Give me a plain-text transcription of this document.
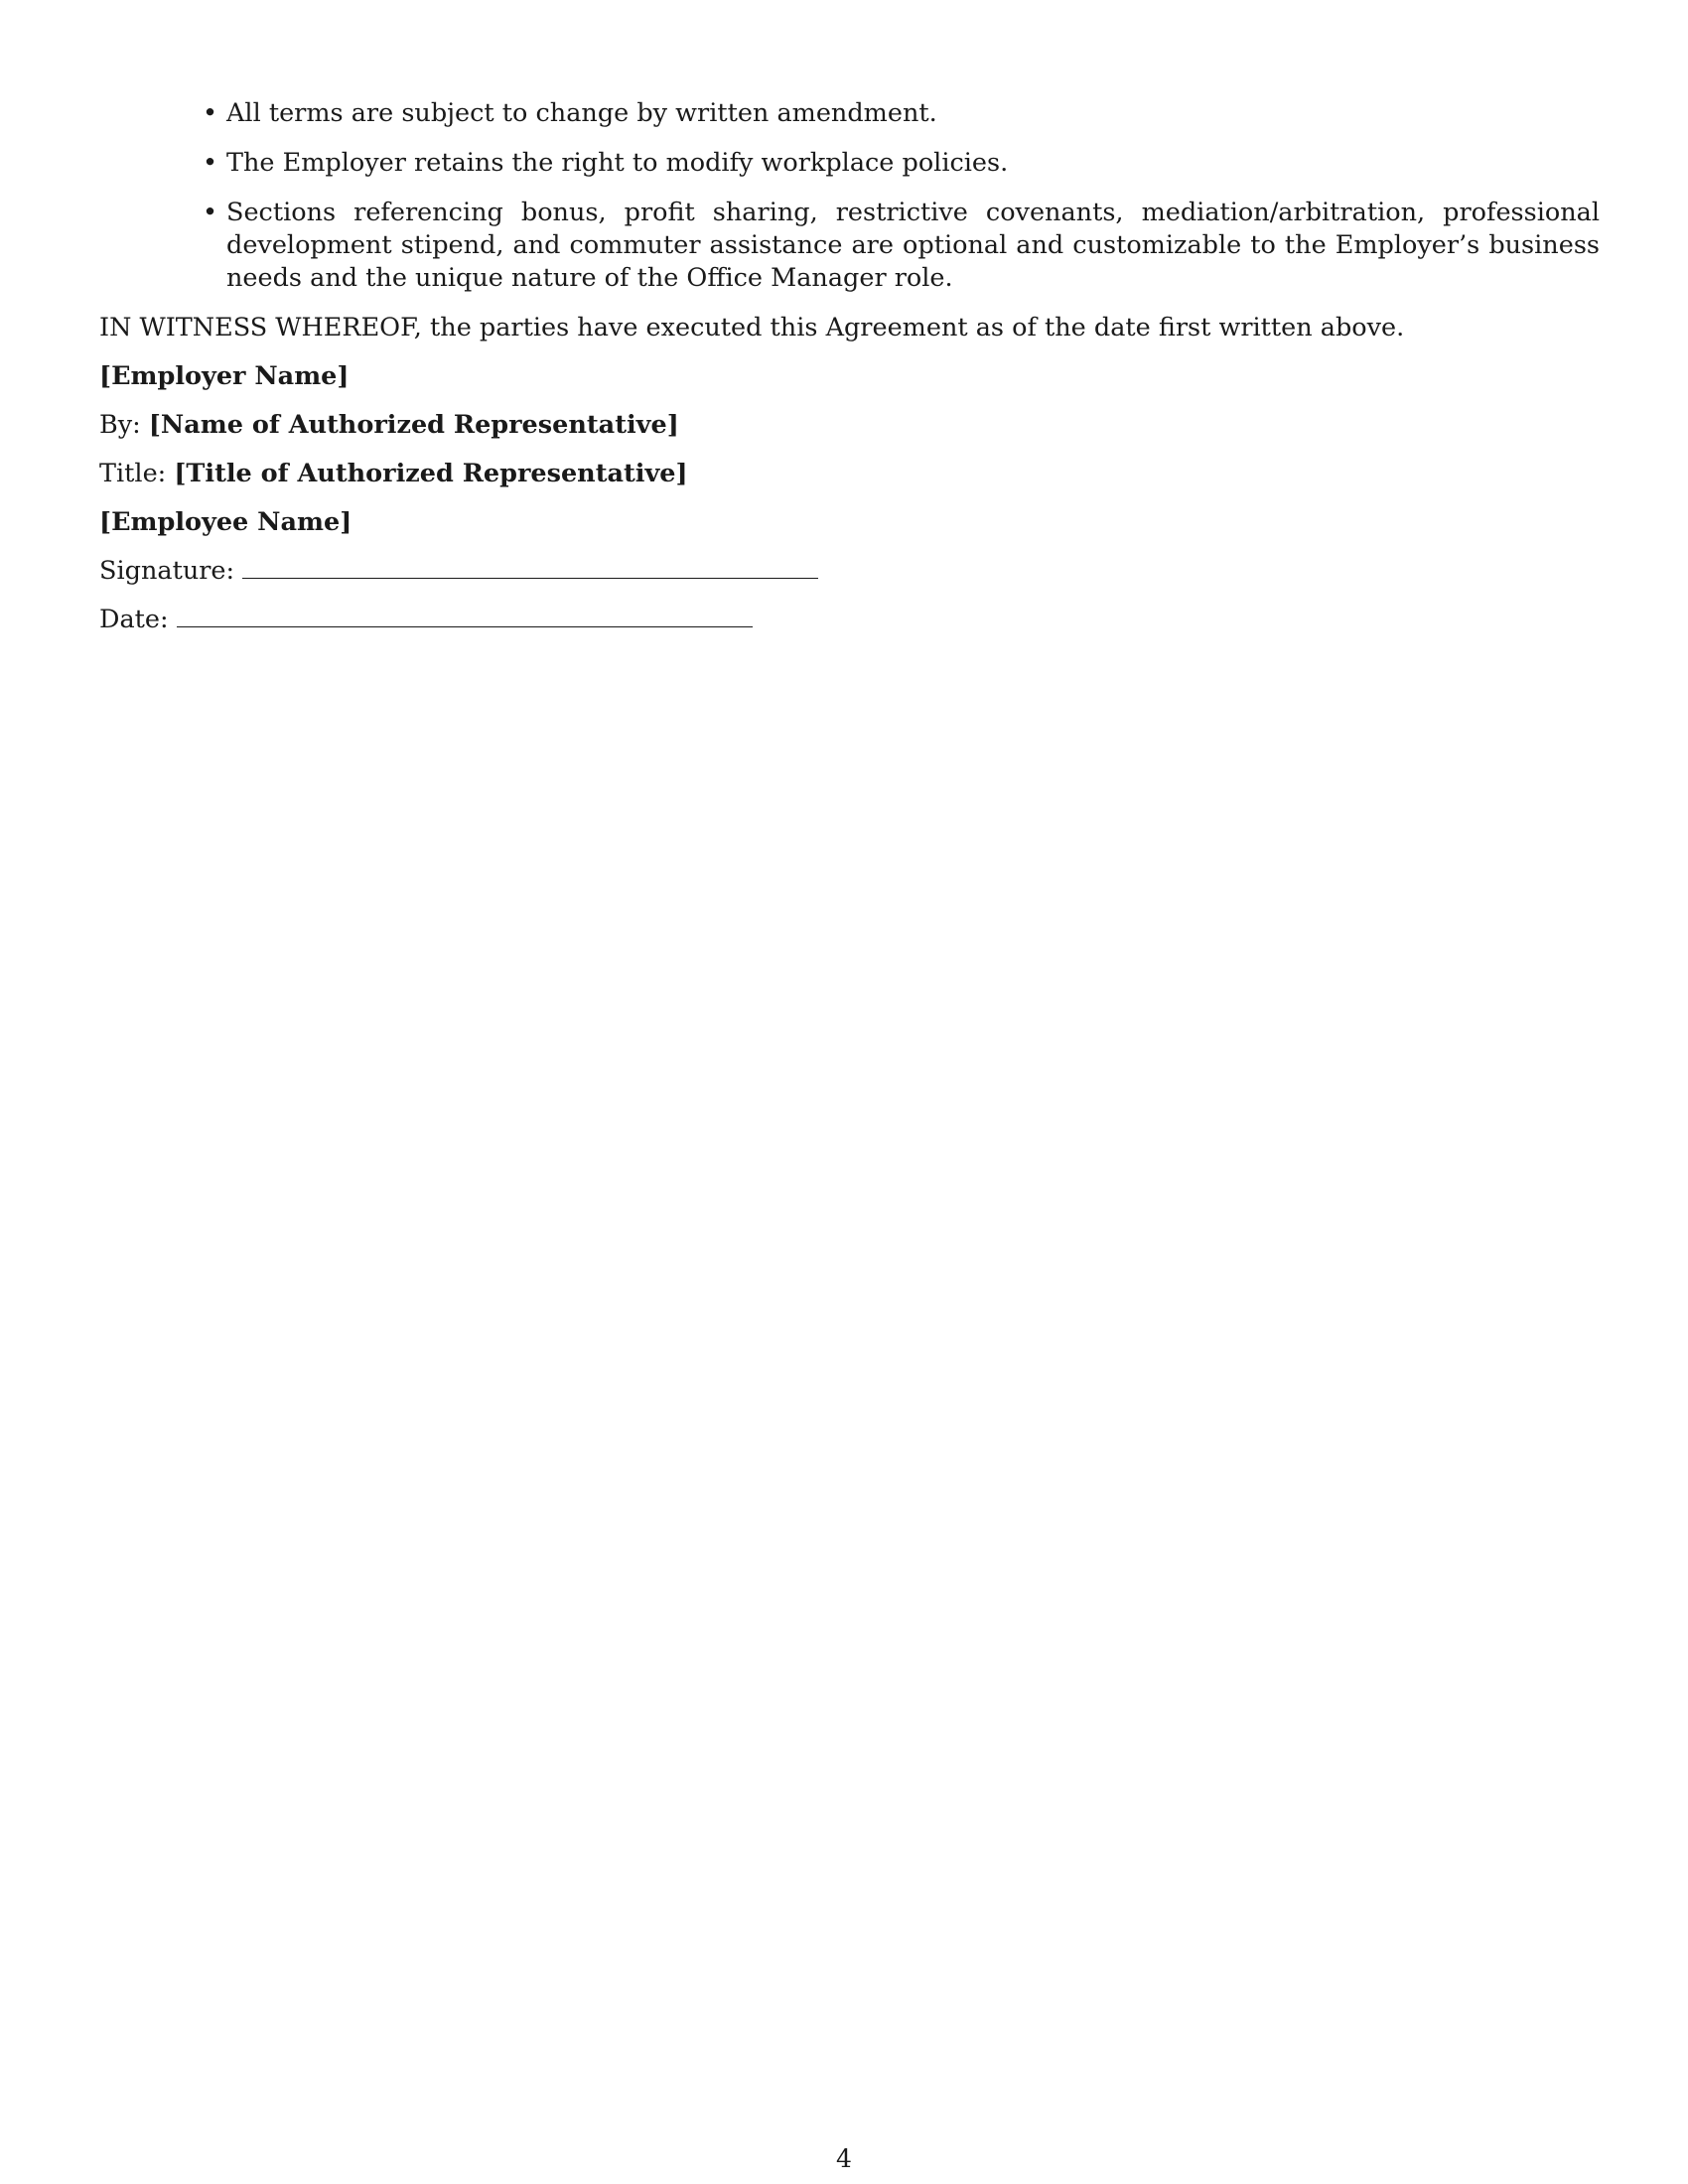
• All terms are subject to change by written amendment.
• The Employer retains the right to modify workplace policies.
• Sections referencing bonus, profit sharing, restrictive covenants, mediation/arbitration, professional development stipend, and commuter assistance are optional and customizable to the Employer’s business needs and the unique nature of the Office Manager role.

IN WITNESS WHEREOF, the parties have executed this Agreement as of the date first written above.

[Employer Name]

By: [Name of Authorized Representative]

Title: [Title of Authorized Representative]

[Employee Name]

Signature:

Date:

4
